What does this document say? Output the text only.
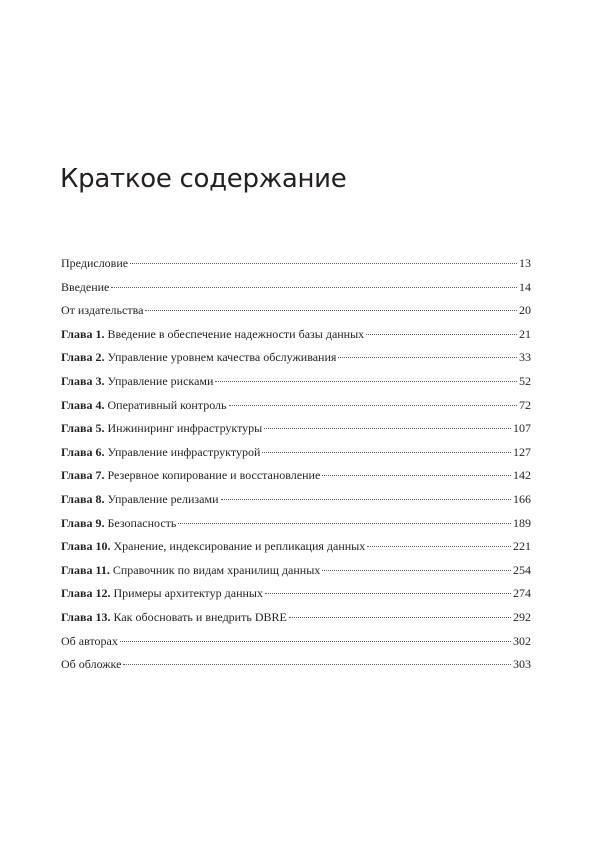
Краткое содержание
Предисловие	13
Введение	14
От издательства	20
Глава 1. Введение в обеспечение надежности базы данных	21
Глава 2. Управление уровнем качества обслуживания	33
Глава 3. Управление рисками	52
Глава 4. Оперативный контроль	72
Глава 5. Инжиниринг инфраструктуры	107
Глава 6. Управление инфраструктурой	127
Глава 7. Резервное копирование и восстановление	142
Глава 8. Управление релизами	166
Глава 9. Безопасность	189
Глава 10. Хранение, индексирование и репликация данных	221
Глава 11. Справочник по видам хранилищ данных	254
Глава 12. Примеры архитектур данных	274
Глава 13. Как обосновать и внедрить DBRE	292
Об авторах	302
Об обложке	303
